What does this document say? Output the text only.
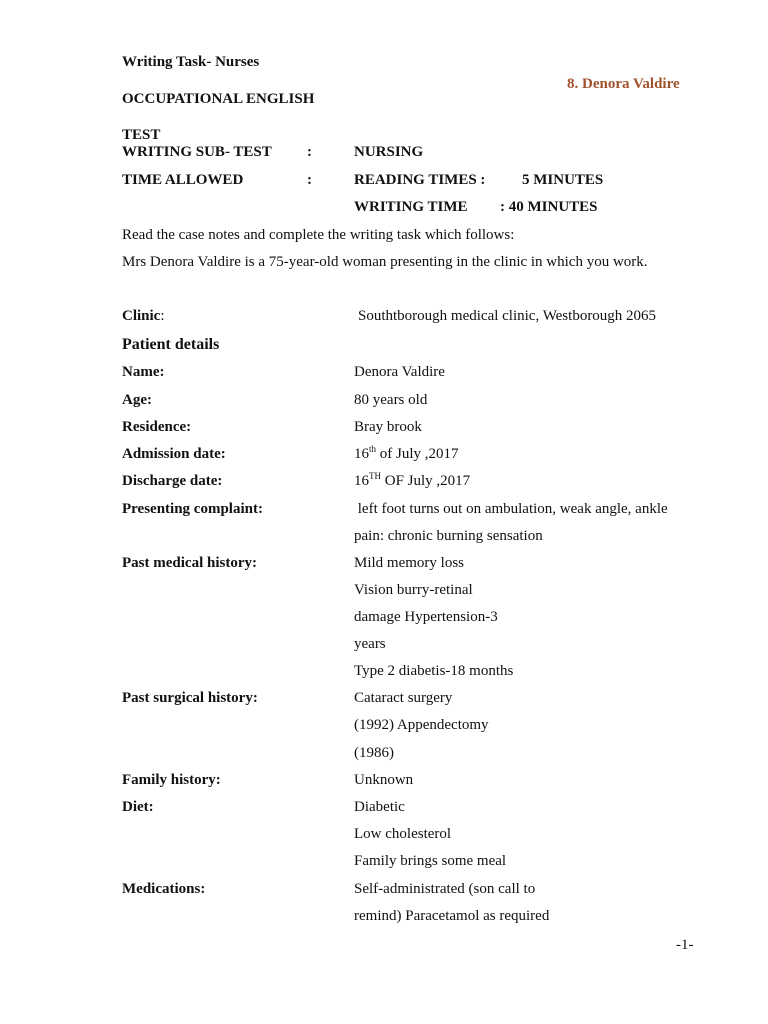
Writing Task- Nurses
8. Denora Valdire
OCCUPATIONAL ENGLISH
TEST
WRITING SUB- TEST :	NURSING
TIME ALLOWED	:	READING TIMES : 5 MINUTES
WRITING TIME : 40 MINUTES
Read the case notes and complete the writing task which follows:
Mrs Denora Valdire is a 75-year-old woman presenting in the clinic in which you work.
Clinic:	Southtborough medical clinic, Westborough 2065
Patient details
Name:	Denora Valdire
Age:	80 years old
Residence:	Bray brook
Admission date:	16th of July ,2017
Discharge date:	16TH OF July ,2017
Presenting complaint:	left foot turns out on ambulation, weak angle, ankle
pain: chronic burning sensation
Past medical history:	Mild memory loss
Vision burry-retinal
damage Hypertension-3
years
Type 2 diabetis-18 months
Past surgical history:	Cataract surgery
(1992) Appendectomy
(1986)
Family history:	Unknown
Diet:	Diabetic
Low cholesterol
Family brings some meal
Medications:	Self-administrated (son call to
remind) Paracetamol as required
-1-
